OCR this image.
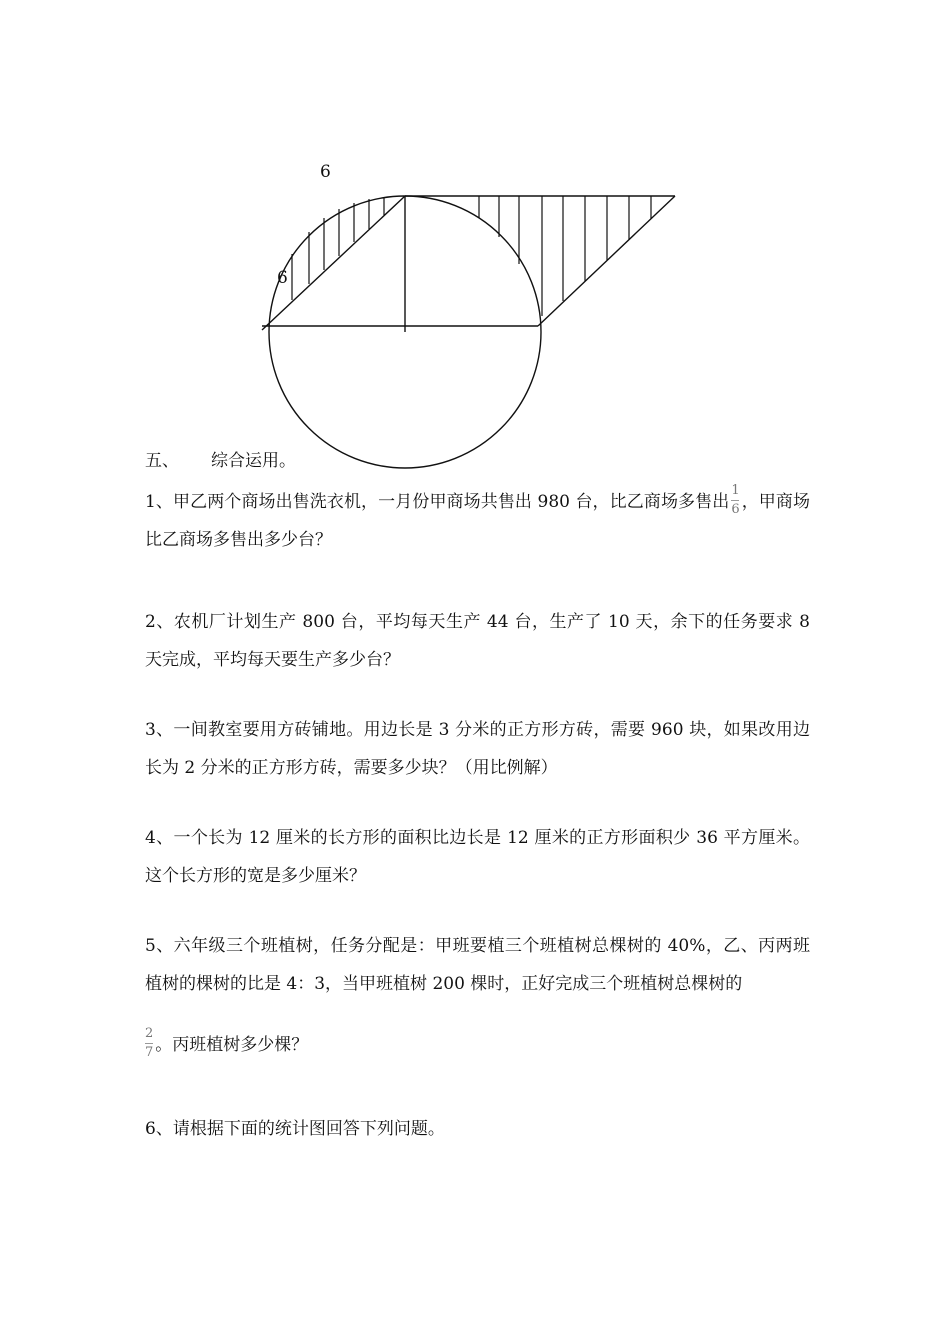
6
6
五、 综合运用。
1、甲乙两个商场出售洗衣机，一月份甲商场共售出 980 台，比乙商场多售出 $\frac{1}{6}$ ，甲商场比乙商场多售出多少台？
2、农机厂计划生产 800 台，平均每天生产 44 台，生产了 10 天，余下的任务要求 8 天完成，平均每天要生产多少台？
3、一间教室要用方砖铺地。用边长是 3 分米的正方形方砖，需要 960 块，如果改用边长为 2 分米的正方形方砖，需要多少块？（用比例解）
4、一个长为 12 厘米的长方形的面积比边长是 12 厘米的正方形面积少 36 平方厘米。这个长方形的宽是多少厘米？
5、六年级三个班植树，任务分配是：甲班要植三个班植树总棵树的 40%，乙、丙两班植树的棵树的比是 4：3，当甲班植树 200 棵时，正好完成三个班植树总棵树的
$\frac{2}{7}$ 。丙班植树多少棵？
6、请根据下面的统计图回答下列问题。
